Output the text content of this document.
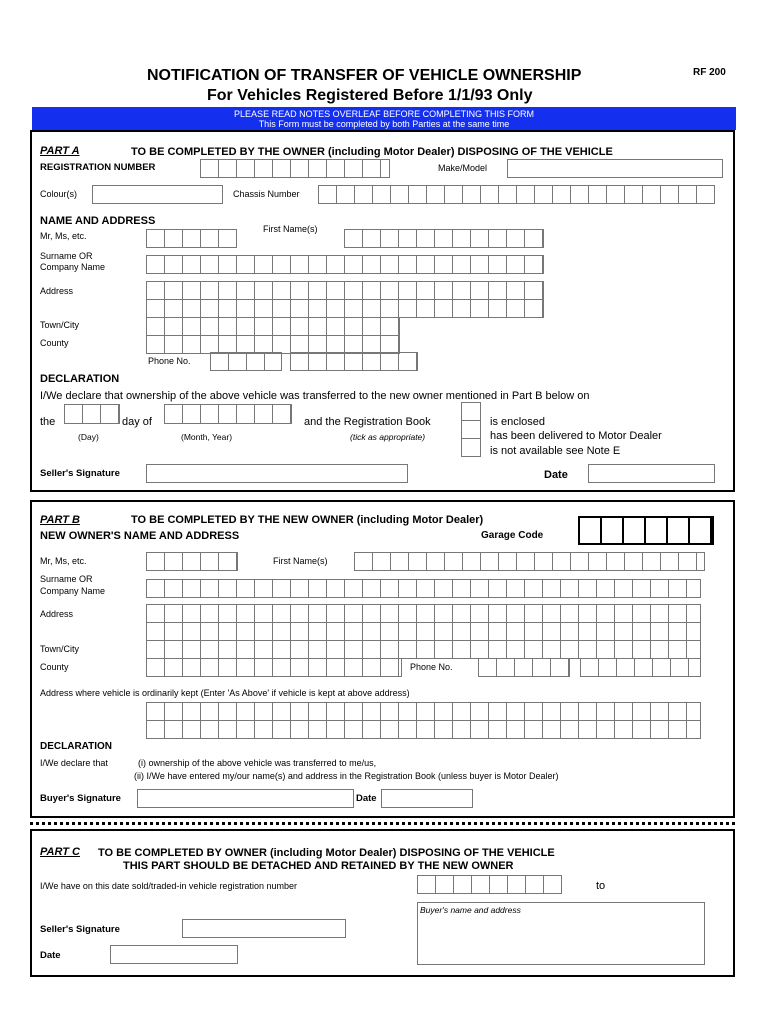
NOTIFICATION OF TRANSFER OF VEHICLE OWNERSHIP
For Vehicles Registered Before 1/1/93 Only
RF 200
PLEASE READ NOTES OVERLEAF BEFORE COMPLETING THIS FORM
This Form must be completed by both Parties at the same time
PART A	TO BE COMPLETED BY THE OWNER (including Motor Dealer) DISPOSING OF THE VEHICLE
REGISTRATION NUMBER	Make/Model
Colour(s)	Chassis Number
NAME AND ADDRESS
Mr, Ms, etc.
First Name(s)
Surname OR
Company Name
Address
Town/City
County
Phone No.
DECLARATION
I/We declare that ownership of the above vehicle was transferred to the new owner mentioned in Part B below on
the	day of
(Day)	(Month, Year)
and the Registration Book
(tick as appropriate)
is enclosed
has been delivered to Motor Dealer
is not available see Note E
Seller's Signature	Date
PART B	TO BE COMPLETED BY THE NEW OWNER (including Motor Dealer)
NEW OWNER'S NAME AND ADDRESS	Garage Code
Mr, Ms, etc.	First Name(s)
Surname OR
Company Name
Address
Town/City
County	Phone No.
Address where vehicle is ordinarily kept (Enter 'As Above' if vehicle is kept at above address)
DECLARATION
I/We declare that	(i) ownership of the above vehicle was transferred to me/us,
(ii) I/We have entered my/our name(s) and address in the Registration Book (unless buyer is Motor Dealer)
Buyer's Signature	Date
PART C TO BE COMPLETED BY OWNER (including Motor Dealer) DISPOSING OF THE VEHICLE
THIS PART SHOULD BE DETACHED AND RETAINED BY THE NEW OWNER
I/We have on this date sold/traded-in vehicle registration number	to
Buyer's name and address
Seller's Signature
Date
